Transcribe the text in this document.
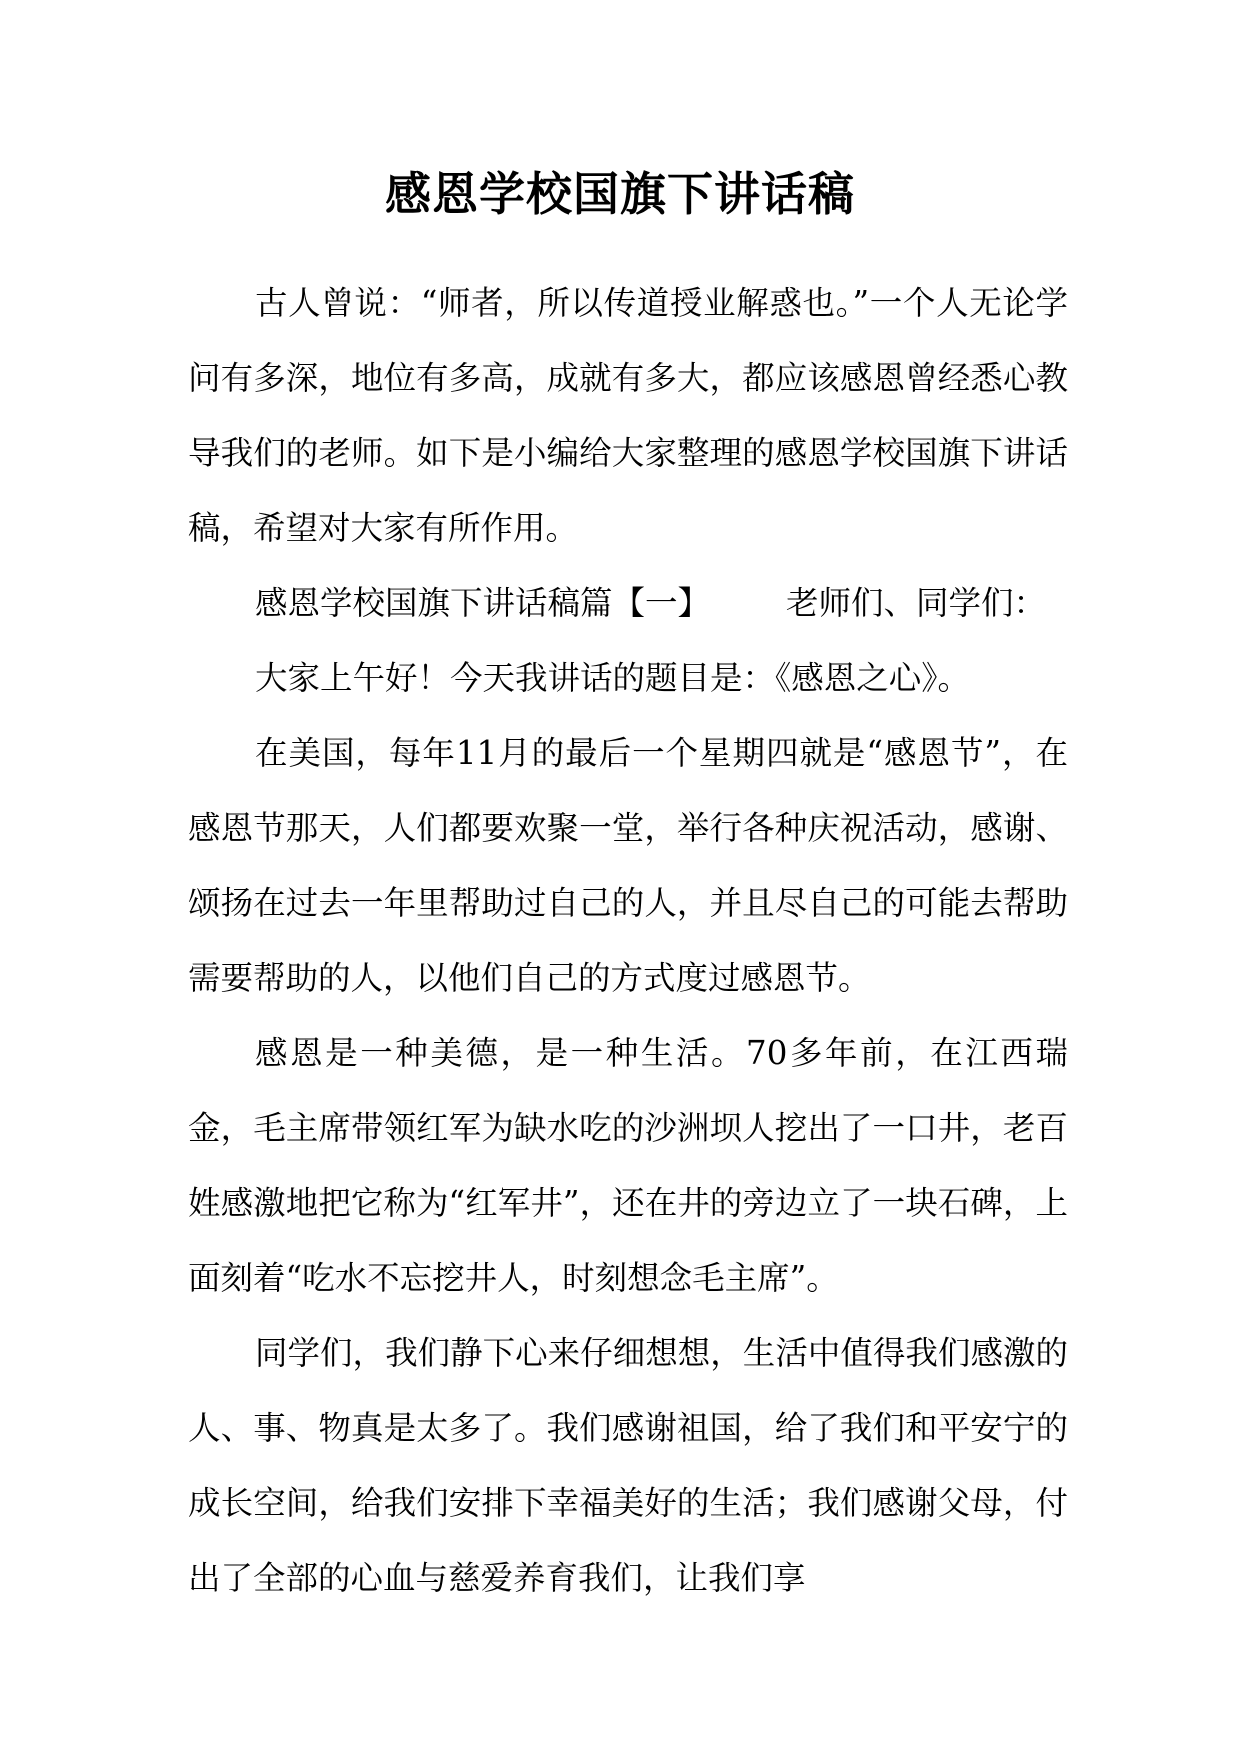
感恩学校国旗下讲话稿

古人曾说：“师者，所以传道授业解惑也。”一个人无论学问有多深，地位有多高，成就有多大，都应该感恩曾经悉心教导我们的老师。如下是小编给大家整理的感恩学校国旗下讲话稿，希望对大家有所作用。

感恩学校国旗下讲话稿篇【一】 老师们、同学们：

大家上午好！今天我讲话的题目是：《感恩之心》。

在美国，每年11月的最后一个星期四就是“感恩节”，在感恩节那天，人们都要欢聚一堂，举行各种庆祝活动，感谢、颂扬在过去一年里帮助过自己的人，并且尽自己的可能去帮助需要帮助的人，以他们自己的方式度过感恩节。

感恩是一种美德，是一种生活。70多年前，在江西瑞金，毛主席带领红军为缺水吃的沙洲坝人挖出了一口井，老百姓感激地把它称为“红军井”，还在井的旁边立了一块石碑，上面刻着“吃水不忘挖井人，时刻想念毛主席”。

同学们，我们静下心来仔细想想，生活中值得我们感激的人、事、物真是太多了。我们感谢祖国，给了我们和平安宁的成长空间，给我们安排下幸福美好的生活；我们感谢父母，付出了全部的心血与慈爱养育我们，让我们享
